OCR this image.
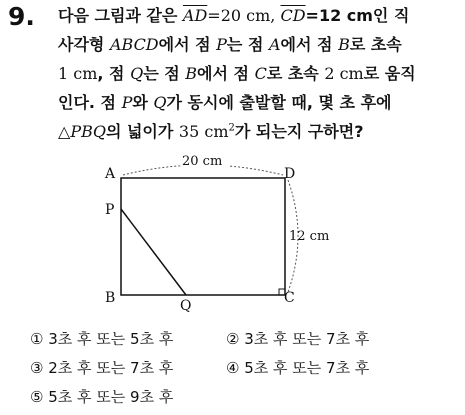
9. 다음 그림과 같은 $\overline{AD}=20$ cm, $\overline{CD}=12$ cm인 직
사각형 ABCD에서 점 P는 점 A에서 점 B로 초속
1 cm, 점 Q는 점 B에서 점 C로 초속 2 cm로 움직
인다. 점 P와 Q가 동시에 출발할 때, 몇 초 후에
△PBQ의 넓이가 35 $cm^2$가 되는지 구하면?
A	D
P
B	Q	C
20 cm
12 cm
① 3초 후 또는 5초 후	② 3초 후 또는 7초 후
③ 2초 후 또는 7초 후	④ 5초 후 또는 7초 후
⑤ 5초 후 또는 9초 후
